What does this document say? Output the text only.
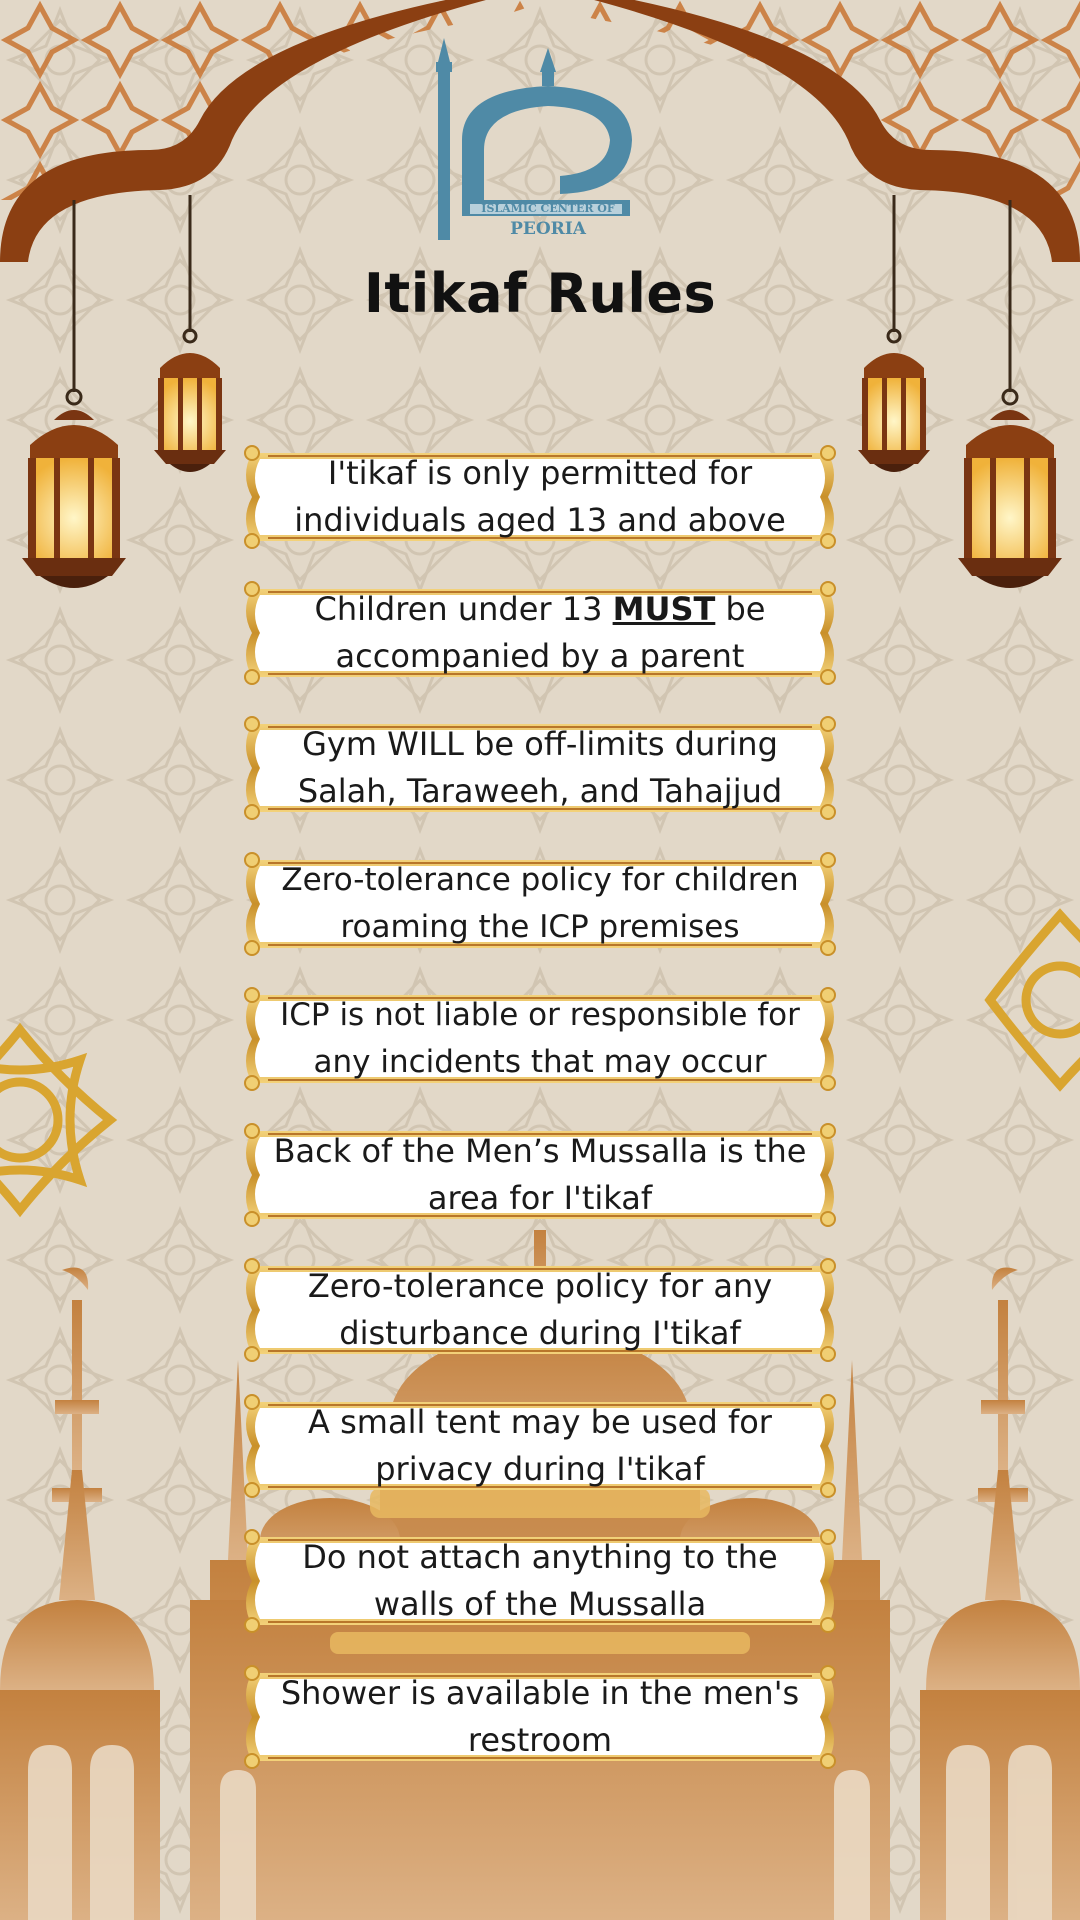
ISLAMIC CENTER OF
PEORIA
Itikaf Rules
I'tikaf is only permitted for individuals aged 13 and above
Children under 13 MUST be accompanied by a parent
Gym WILL be off-limits during Salah, Taraweeh, and Tahajjud
Zero-tolerance policy for children roaming the ICP premises
ICP is not liable or responsible for any incidents that may occur
Back of the Men’s Mussalla is the area for I'tikaf
Zero-tolerance policy for any disturbance during I'tikaf
A small tent may be used for privacy during I'tikaf
Do not attach anything to the walls of the Mussalla
Shower is available in the men's restroom
